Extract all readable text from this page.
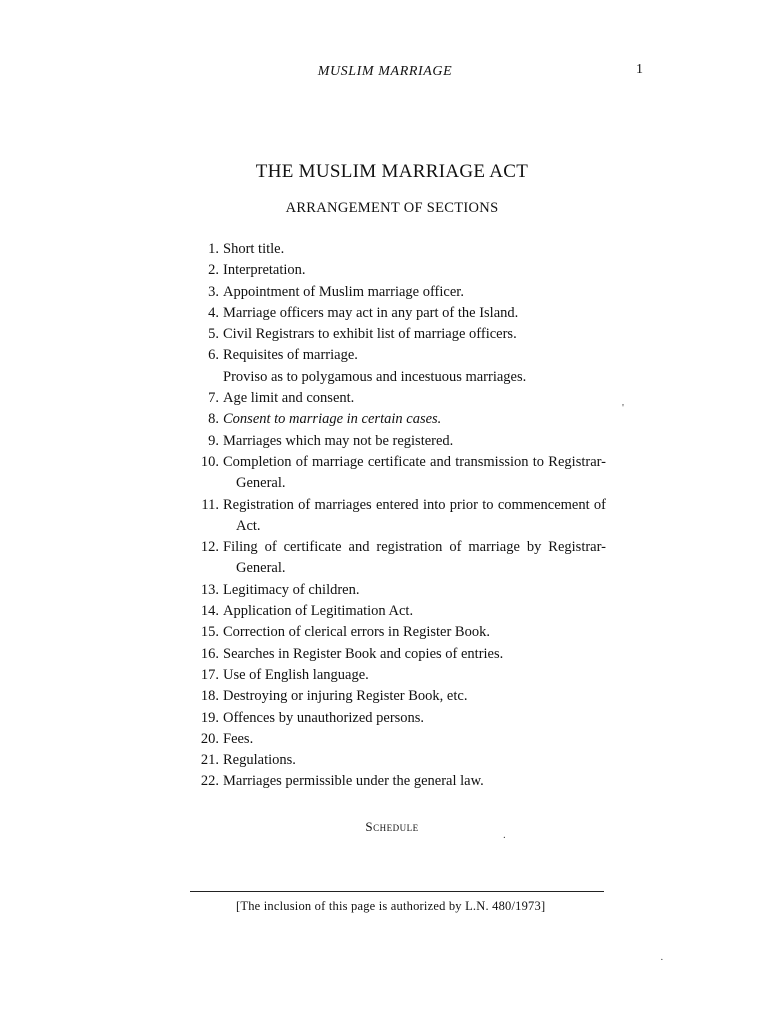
MUSLIM MARRIAGE	1
THE MUSLIM MARRIAGE ACT
ARRANGEMENT OF SECTIONS
1. Short title.
2. Interpretation.
3. Appointment of Muslim marriage officer.
4. Marriage officers may act in any part of the Island.
5. Civil Registrars to exhibit list of marriage officers.
6. Requisites of marriage.
Proviso as to polygamous and incestuous marriages.
7. Age limit and consent.
8. Consent to marriage in certain cases.
9. Marriages which may not be registered.
10. Completion of marriage certificate and transmission to Registrar-
General.
11. Registration of marriages entered into prior to commencement of
Act.
12. Filing of certificate and registration of marriage by Registrar-
General.
13. Legitimacy of children.
14. Application of Legitimation Act.
15. Correction of clerical errors in Register Book.
16. Searches in Register Book and copies of entries.
17. Use of English language.
18. Destroying or injuring Register Book, etc.
19. Offences by unauthorized persons.
20. Fees.
21. Regulations.
22. Marriages permissible under the general law.
Schedule
[The inclusion of this page is authorized by L.N. 480/1973]
'
.
·
